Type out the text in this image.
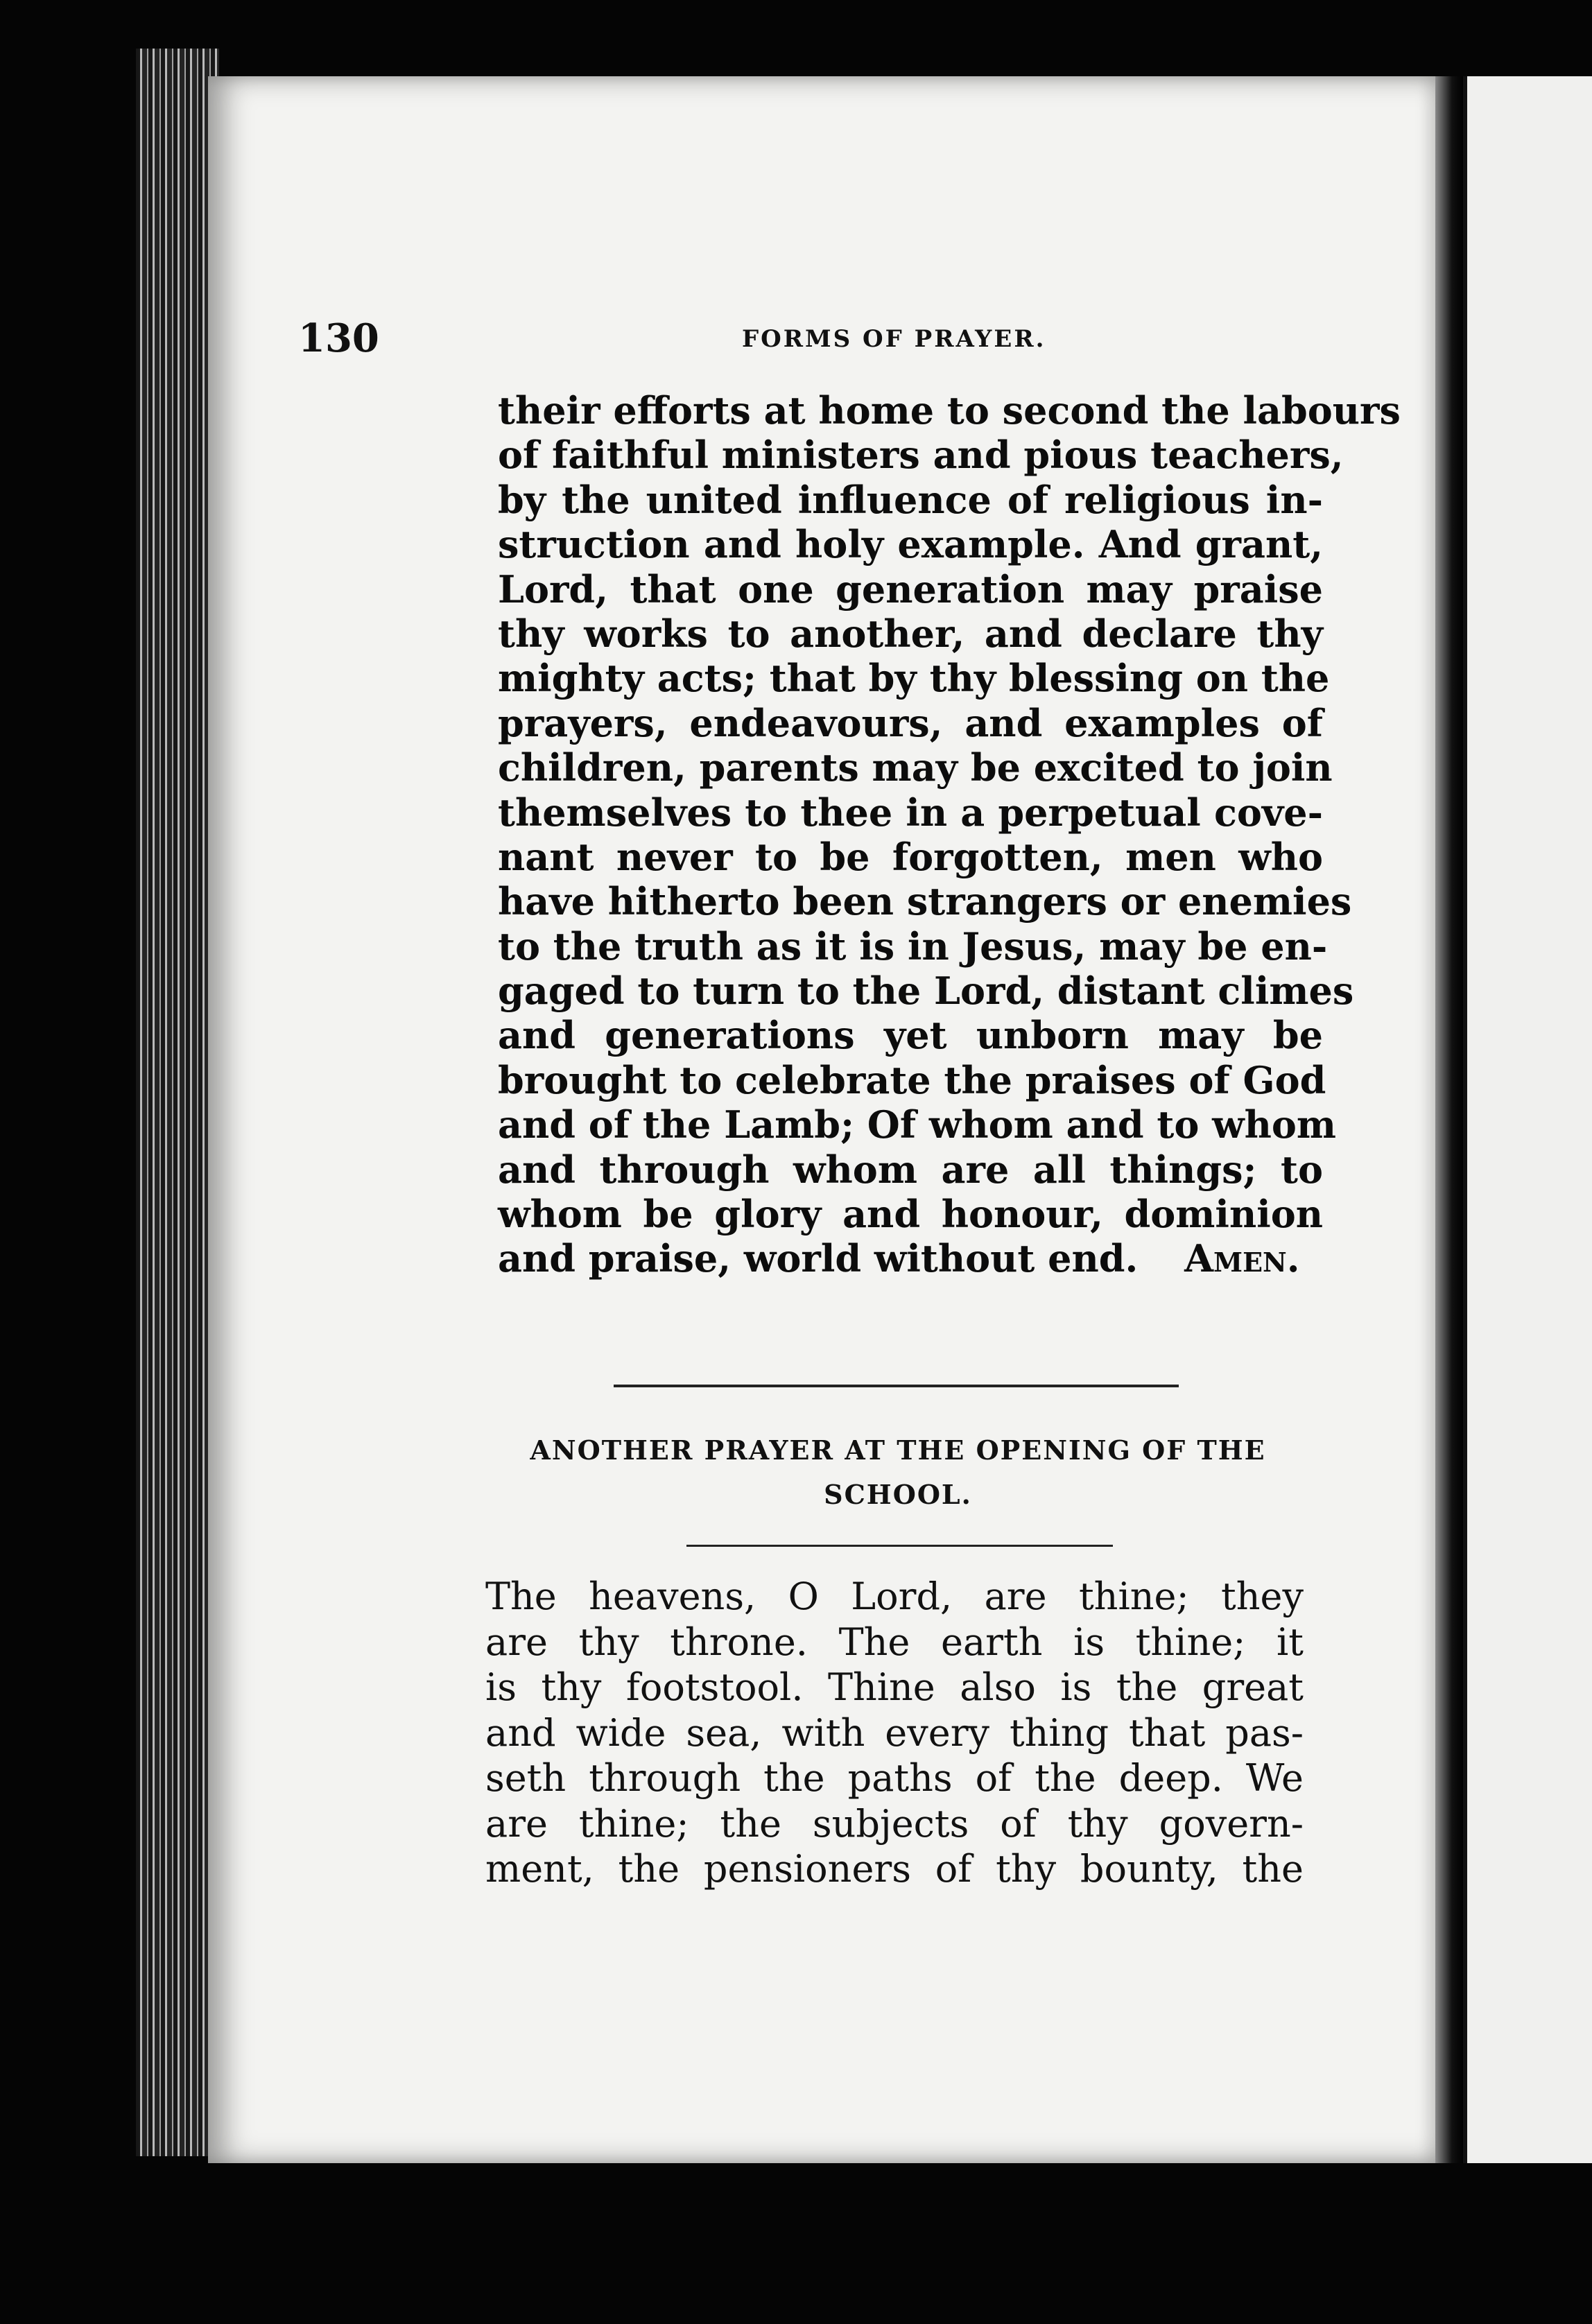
130	FORMS OF PRAYER.
their efforts at home to second the labours
of faithful ministers and pious teachers,
by the united influence of religious in-
struction and holy example. And grant,
Lord, that one generation may praise
thy works to another, and declare thy
mighty acts; that by thy blessing on the
prayers, endeavours, and examples of
children, parents may be excited to join
themselves to thee in a perpetual cove-
nant never to be forgotten, men who
have hitherto been strangers or enemies
to the truth as it is in Jesus, may be en-
gaged to turn to the Lord, distant climes
and generations yet unborn may be
brought to celebrate the praises of God
and of the Lamb; Of whom and to whom
and through whom are all things; to
whom be glory and honour, dominion
and praise, world without end. Amen.
ANOTHER PRAYER AT THE OPENING OF THE
SCHOOL.
The heavens, O Lord, are thine; they
are thy throne. The earth is thine; it
is thy footstool. Thine also is the great
and wide sea, with every thing that pas-
seth through the paths of the deep. We
are thine; the subjects of thy govern-
ment, the pensioners of thy bounty, the
